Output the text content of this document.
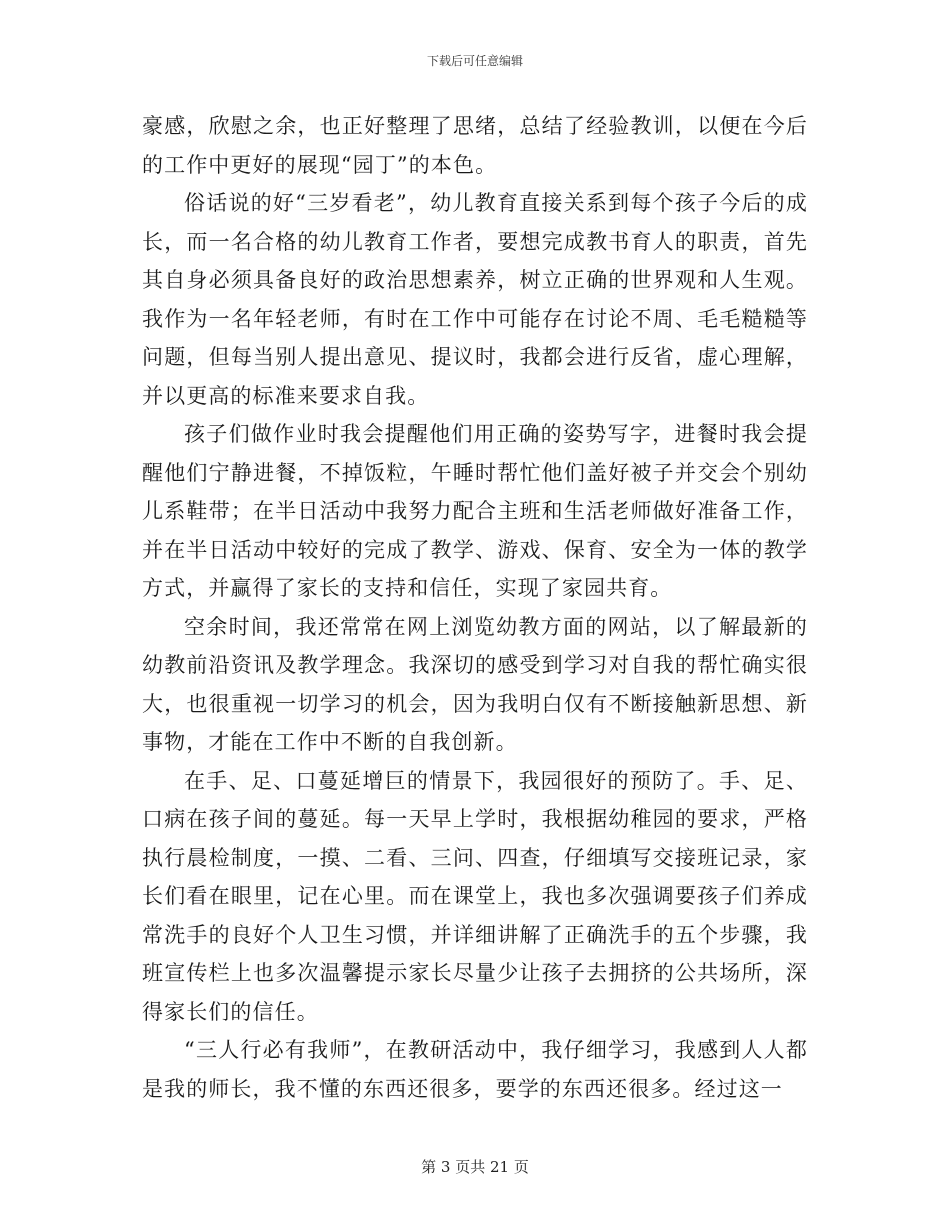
下载后可任意编辑

豪感，欣慰之余，也正好整理了思绪，总结了经验教训，以便在今后的工作中更好的展现“园丁”的本色。

俗话说的好“三岁看老”，幼儿教育直接关系到每个孩子今后的成长，而一名合格的幼儿教育工作者，要想完成教书育人的职责，首先其自身必须具备良好的政治思想素养，树立正确的世界观和人生观。我作为一名年轻老师，有时在工作中可能存在讨论不周、毛毛糙糙等问题，但每当别人提出意见、提议时，我都会进行反省，虚心理解，并以更高的标准来要求自我。

孩子们做作业时我会提醒他们用正确的姿势写字，进餐时我会提醒他们宁静进餐，不掉饭粒，午睡时帮忙他们盖好被子并交会个别幼儿系鞋带；在半日活动中我努力配合主班和生活老师做好准备工作，并在半日活动中较好的完成了教学、游戏、保育、安全为一体的教学方式，并赢得了家长的支持和信任，实现了家园共育。

空余时间，我还常常在网上浏览幼教方面的网站，以了解最新的幼教前沿资讯及教学理念。我深切的感受到学习对自我的帮忙确实很大，也很重视一切学习的机会，因为我明白仅有不断接触新思想、新事物，才能在工作中不断的自我创新。

在手、足、口蔓延增巨的情景下，我园很好的预防了。手、足、口病在孩子间的蔓延。每一天早上学时，我根据幼稚园的要求，严格执行晨检制度，一摸、二看、三问、四查，仔细填写交接班记录，家长们看在眼里，记在心里。而在课堂上，我也多次强调要孩子们养成常洗手的良好个人卫生习惯，并详细讲解了正确洗手的五个步骤，我班宣传栏上也多次温馨提示家长尽量少让孩子去拥挤的公共场所，深得家长们的信任。

“三人行必有我师”，在教研活动中，我仔细学习，我感到人人都是我的师长，我不懂的东西还很多，要学的东西还很多。经过这一

第 3 页共 21 页
